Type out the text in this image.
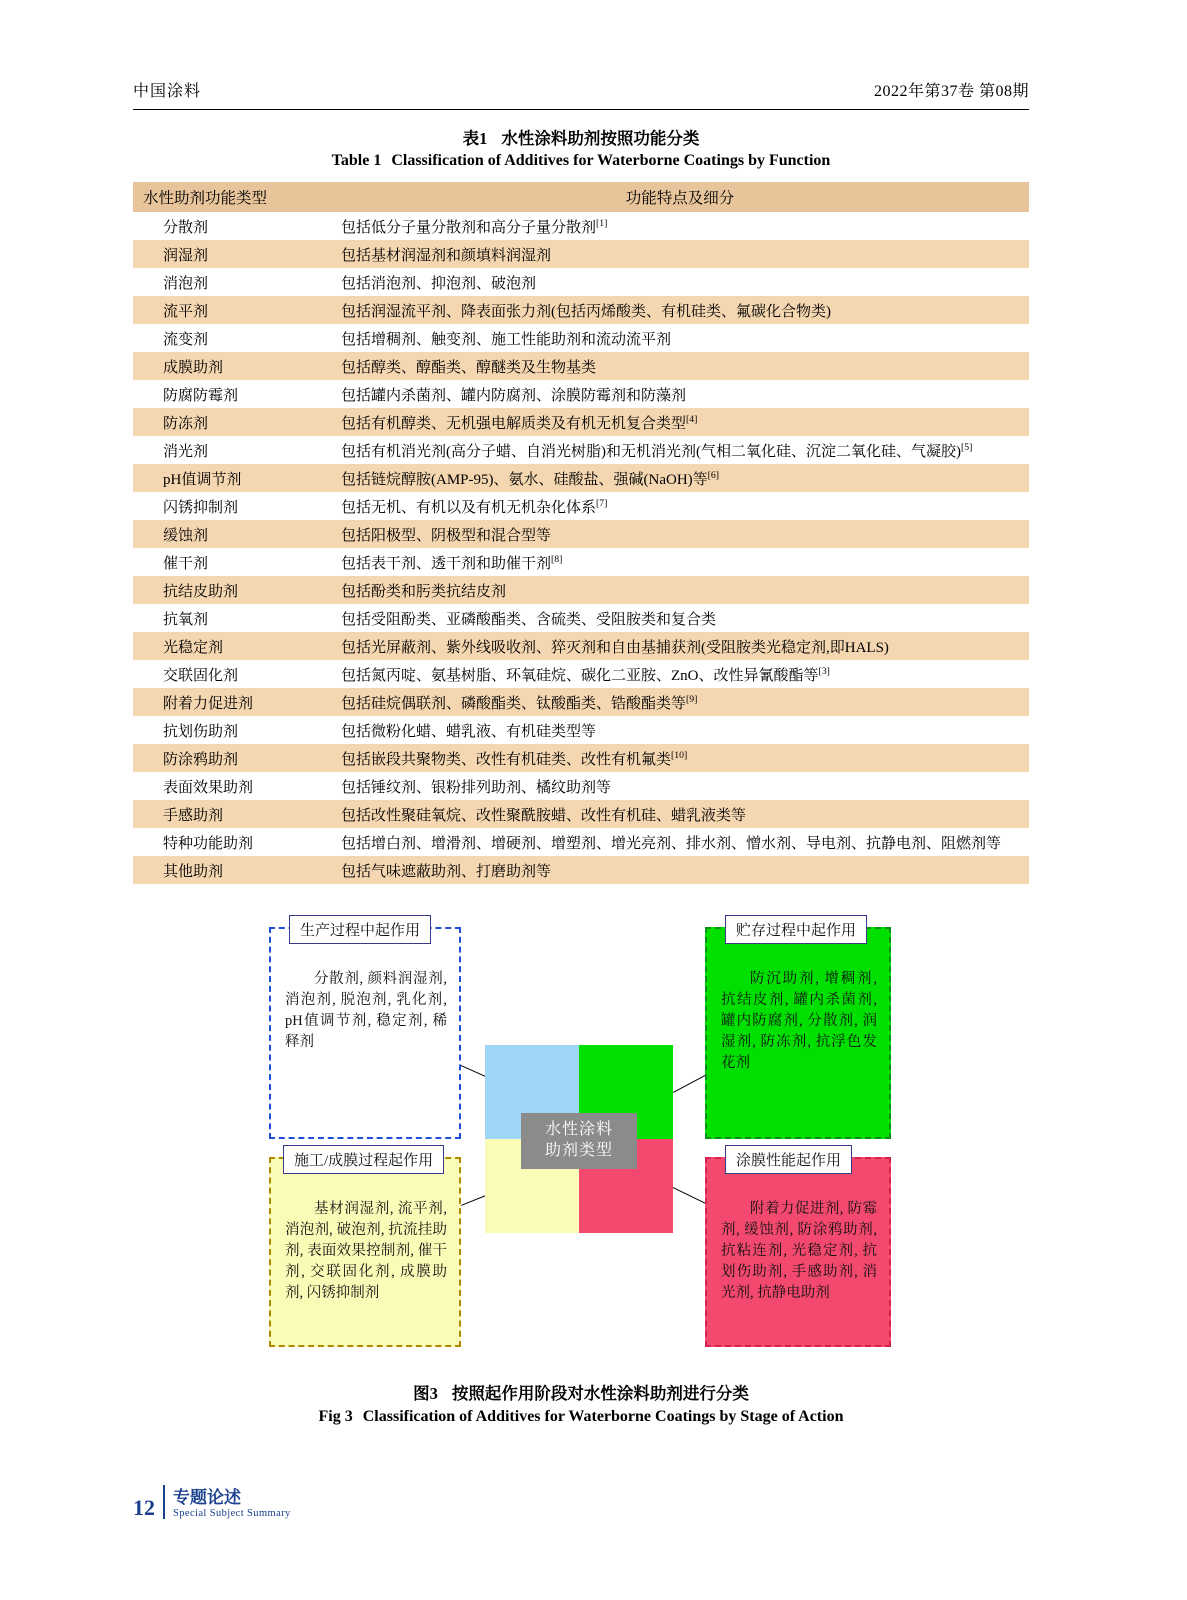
中国涂料	2022年第37卷 第08期
表1 水性涂料助剂按照功能分类
Table 1 Classification of Additives for Waterborne Coatings by Function
水性助剂功能类型	功能特点及细分
分散剂	包括低分子量分散剂和高分子量分散剂[1]
润湿剂	包括基材润湿剂和颜填料润湿剂
消泡剂	包括消泡剂、抑泡剂、破泡剂
流平剂	包括润湿流平剂、降表面张力剂(包括丙烯酸类、有机硅类、氟碳化合物类)
流变剂	包括增稠剂、触变剂、施工性能助剂和流动流平剂
成膜助剂	包括醇类、醇酯类、醇醚类及生物基类
防腐防霉剂	包括罐内杀菌剂、罐内防腐剂、涂膜防霉剂和防藻剂
防冻剂	包括有机醇类、无机强电解质类及有机无机复合类型[4]
消光剂	包括有机消光剂(高分子蜡、自消光树脂)和无机消光剂(气相二氧化硅、沉淀二氧化硅、气凝胶)[5]
pH值调节剂	包括链烷醇胺(AMP-95)、氨水、硅酸盐、强碱(NaOH)等[6]
闪锈抑制剂	包括无机、有机以及有机无机杂化体系[7]
缓蚀剂	包括阳极型、阴极型和混合型等
催干剂	包括表干剂、透干剂和助催干剂[8]
抗结皮助剂	包括酚类和肟类抗结皮剂
抗氧剂	包括受阻酚类、亚磷酸酯类、含硫类、受阻胺类和复合类
光稳定剂	包括光屏蔽剂、紫外线吸收剂、猝灭剂和自由基捕获剂(受阻胺类光稳定剂,即HALS)
交联固化剂	包括氮丙啶、氨基树脂、环氧硅烷、碳化二亚胺、ZnO、改性异氰酸酯等[3]
附着力促进剂	包括硅烷偶联剂、磷酸酯类、钛酸酯类、锆酸酯类等[9]
抗划伤助剂	包括微粉化蜡、蜡乳液、有机硅类型等
防涂鸦助剂	包括嵌段共聚物类、改性有机硅类、改性有机氟类[10]
表面效果助剂	包括锤纹剂、银粉排列助剂、橘纹助剂等
手感助剂	包括改性聚硅氧烷、改性聚酰胺蜡、改性有机硅、蜡乳液类等
特种功能助剂	包括增白剂、增滑剂、增硬剂、增塑剂、增光亮剂、排水剂、憎水剂、导电剂、抗静电剂、阻燃剂等
其他助剂	包括气味遮蔽助剂、打磨助剂等
水性涂料
助剂类型
生产过程中起作用
分散剂, 颜料润湿剂, 消泡剂, 脱泡剂, 乳化剂, pH值调节剂, 稳定剂, 稀释剂
贮存过程中起作用
防沉助剂, 增稠剂, 抗结皮剂, 罐内杀菌剂, 罐内防腐剂, 分散剂, 润湿剂, 防冻剂, 抗浮色发花剂
施工/成膜过程起作用
基材润湿剂, 流平剂, 消泡剂, 破泡剂, 抗流挂助剂, 表面效果控制剂, 催干剂, 交联固化剂, 成膜助剂, 闪锈抑制剂
涂膜性能起作用
附着力促进剂, 防霉剂, 缓蚀剂, 防涂鸦助剂, 抗粘连剂, 光稳定剂, 抗划伤助剂, 手感助剂, 消光剂, 抗静电助剂
图3 按照起作用阶段对水性涂料助剂进行分类
Fig 3 Classification of Additives for Waterborne Coatings by Stage of Action
12 专题论述
Special Subject Summary
